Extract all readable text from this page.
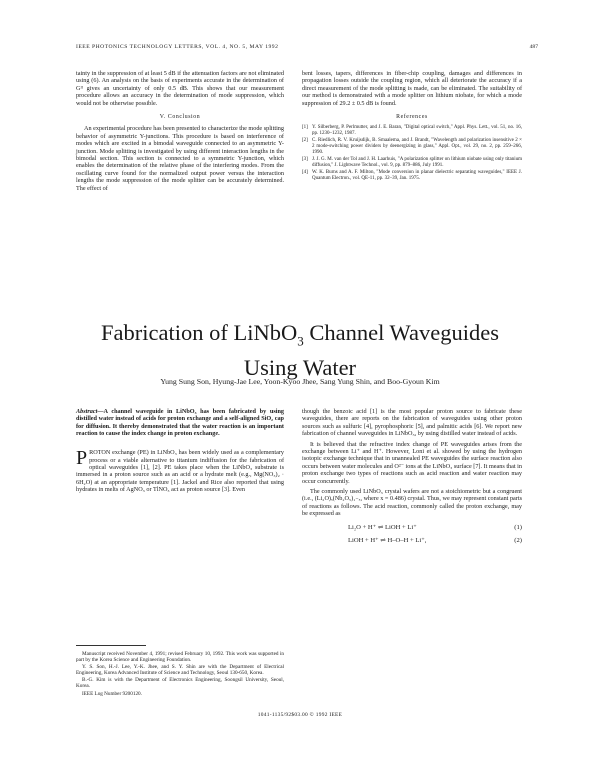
IEEE PHOTONICS TECHNOLOGY LETTERS, VOL. 4, NO. 5, MAY 1992	487

tainty in the suppression of at least 5 dB if the attenuation factors are not eliminated using (6). An analysis on the basis of experiments accurate in the determination of Gᴵᴵ gives an uncertainty of only 0.5 dB. This shows that our measurement procedure allows an accuracy in the determination of mode suppression, which would not be otherwise possible.

V. Conclusion

An experimental procedure has been presented to characterize the mode splitting behavior of asymmetric Y-junctions. This procedure is based on interference of modes which are excited in a bimodal waveguide connected to an asymmetric Y-junction. Mode splitting is investigated by using different interaction lengths in the bimodal section. This section is connected to a symmetric Y-junction, which enables the determination of the relative phase of the interfering modes. From the oscillating curve found for the normalized output power versus the interaction lengths the mode suppression of the mode splitter can be accurately determined. The effect of

bent losses, tapers, differences in fiber-chip coupling, damages and differences in propagation losses outside the coupling region, which all deteriorate the accuracy if a direct measurement of the mode splitting is made, can be eliminated. The suitability of our method is demonstrated with a mode splitter on lithium niobate, for which a mode suppression of 29.2 ± 0.5 dB is found.

References
[1] Y. Silberberg, P. Perlmutter, and J. E. Baran, "Digital optical switch," Appl. Phys. Lett., vol. 51, no. 16, pp. 1230–1232, 1987.
[2] C. Riedlich, R. V. Kruijsdijk, B. Smaalema, and J. Brandt, "Wavelength and polarization insensitive 2 × 2 mode-switching power dividers by deenergizing in glass," Appl. Opt., vol. 29, no. 2, pp. 259–266, 1990.
[3] J. J. G. M. van der Tol and J. H. Laarhuis, "A polarization splitter on lithium niobate using only titanium diffusion," J. Lightwave Technol., vol. 9, pp. 879–886, July 1991.
[4] W. K. Burns and A. F. Milton, "Mode conversion in planar dielectric separating waveguides," IEEE J. Quantum Electron., vol. QE-11, pp. 32–39, Jan. 1975.
Fabrication of LiNbO$_3$ Channel Waveguides
Using Water
Yung Sung Son, Hyung-Jae Lee, Yoon-Kyoo Jhee, Sang Yung Shin, and Boo-Gyoun Kim
Abstract—A channel waveguide in LiNbO₃ has been fabricated by using distilled water instead of acids for proton exchange and a self-aligned SiO₂ cap for diffusion. It thereby demonstrated that the water reaction is an important reaction to cause the index change in proton exchange.

PROTON exchange (PE) in LiNbO₃ has been widely used as a complementary process or a viable alternative to titanium indiffusion for the fabrication of optical waveguides [1], [2]. PE takes place when the LiNbO₃ substrate is immersed in a proton source such as an acid or a hydrate melt (e.g., Mg(NO₃)₂ · 6H₂O) at an appropriate temperature [1]. Jackel and Rice also reported that using hydrates in melts of AgNO₃ or TlNO₃ act as proton source [3]. Even

Manuscript received November 4, 1991; revised February 10, 1992. This work was supported in part by the Korea Science and Engineering Foundation.

Y. S. Son, H.-J. Lee, Y.-K. Jhee, and S. Y. Shin are with the Department of Electrical Engineering, Korea Advanced Institute of Science and Technology, Seoul 130-650, Korea.

B.-G. Kim is with the Department of Electronics Engineering, Soongsil University, Seoul, Korea.

IEEE Log Number 9200120.

though the benzoic acid [1] is the most popular proton source to fabricate these waveguides, there are reports on the fabrication of waveguides using other proton sources such as sulfuric [4], pyrophosphoric [5], and palmitic acids [6]. We report new fabrication of channel waveguides in LiNbO₃, by using distilled water instead of acids.

It is believed that the refractive index change of PE waveguides arises from the exchange between Li⁺ and H⁺. However, Loni et al. showed by using the hydrogen isotopic exchange technique that in unannealed PE waveguides the surface reaction also occurs between water molecules and O²⁻ ions at the LiNbO₃ surface [7]. It means that in proton exchange two types of reactions such as acid reaction and water reaction may occur concurrently.

The commonly used LiNbO₃ crystal wafers are not a stoichiometric but a congruent (i.e., (Li₂O)ₓ(Nb₂O₅)₁₋ₓ, where x = 0.486) crystal. Thus, we may represent constant parts of reactions as follows. The acid reaction, commonly called the proton exchange, may be expressed as

Li₂O + H⁺ ⇌ LiOH + Li⁺	(1)
LiOH + H⁺ ⇌ H–O–H + Li⁺,	(2)
1041-1135/92$03.00 © 1992 IEEE
